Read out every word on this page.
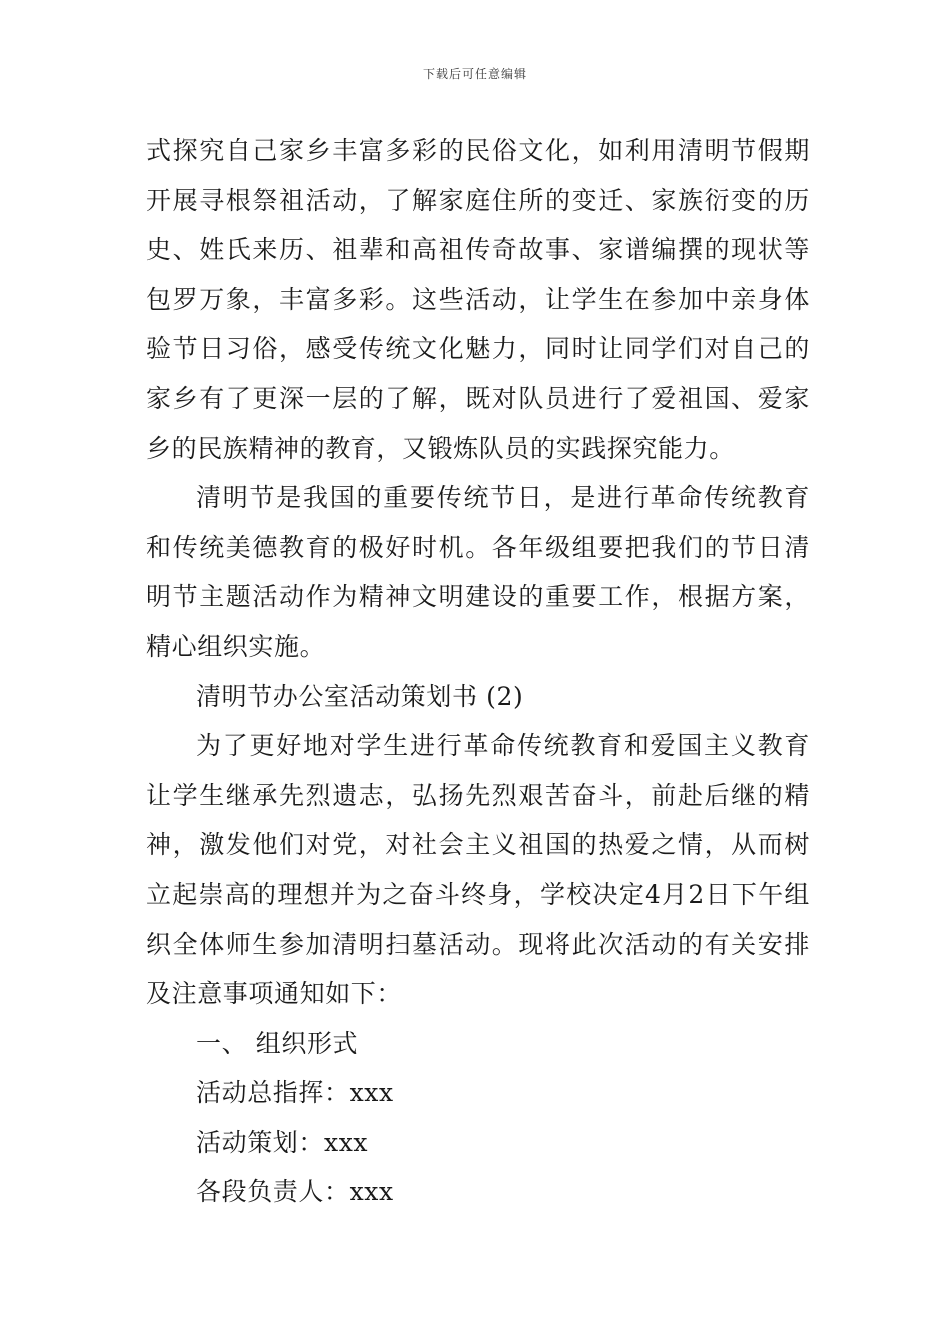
下载后可任意编辑

式探究自己家乡丰富多彩的民俗文化，如利用清明节假期开展寻根祭祖活动，了解家庭住所的变迁、家族衍变的历史、姓氏来历、祖辈和高祖传奇故事、家谱编撰的现状等包罗万象，丰富多彩。这些活动，让学生在参加中亲身体验节日习俗，感受传统文化魅力，同时让同学们对自己的家乡有了更深一层的了解，既对队员进行了爱祖国、爱家乡的民族精神的教育，又锻炼队员的实践探究能力。

清明节是我国的重要传统节日，是进行革命传统教育和传统美德教育的极好时机。各年级组要把我们的节日清明节主题活动作为精神文明建设的重要工作，根据方案，精心组织实施。

清明节办公室活动策划书 (2)

为了更好地对学生进行革命传统教育和爱国主义教育让学生继承先烈遗志，弘扬先烈艰苦奋斗，前赴后继的精神，激发他们对党，对社会主义祖国的热爱之情，从而树立起崇高的理想并为之奋斗终身，学校决定4月2日下午组织全体师生参加清明扫墓活动。现将此次活动的有关安排及注意事项通知如下：

一、 组织形式

活动总指挥：xxx

活动策划：xxx

各段负责人：xxx
